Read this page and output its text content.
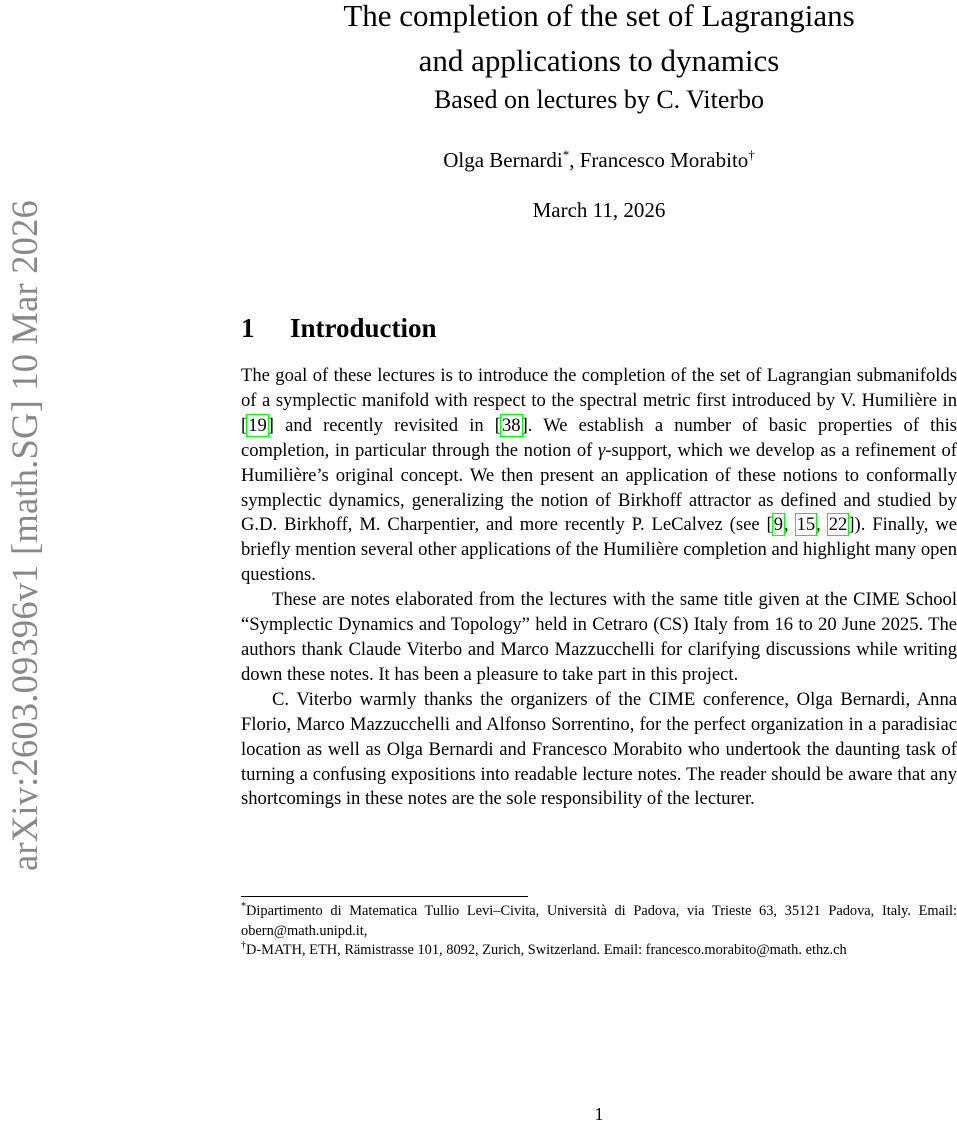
arXiv:2603.09396v1 [math.SG] 10 Mar 2026
The completion of the set of Lagrangians
and applications to dynamics
Based on lectures by C. Viterbo
Olga Bernardi*, Francesco Morabito†
March 11, 2026
1 Introduction

The goal of these lectures is to introduce the completion of the set of Lagrangian submanifolds of a symplectic manifold with respect to the spectral metric first introduced by V. Humilière in [19] and recently revisited in [38]. We establish a number of basic properties of this completion, in particular through the notion of γ-support, which we develop as a refinement of Humilière’s original concept. We then present an application of these notions to conformally symplectic dynamics, generalizing the notion of Birkhoff attractor as defined and studied by G.D. Birkhoff, M. Charpentier, and more recently P. LeCalvez (see [9, 15, 22]). Finally, we briefly mention several other applications of the Humilière completion and highlight many open questions.

These are notes elaborated from the lectures with the same title given at the CIME School “Symplectic Dynamics and Topology” held in Cetraro (CS) Italy from 16 to 20 June 2025. The authors thank Claude Viterbo and Marco Mazzucchelli for clarifying discussions while writing down these notes. It has been a pleasure to take part in this project.

C. Viterbo warmly thanks the organizers of the CIME conference, Olga Bernardi, Anna Florio, Marco Mazzucchelli and Alfonso Sorrentino, for the perfect organization in a paradisiac location as well as Olga Bernardi and Francesco Morabito who undertook the daunting task of turning a confusing expositions into readable lecture notes. The reader should be aware that any shortcomings in these notes are the sole responsibility of the lecturer.

*Dipartimento di Matematica Tullio Levi–Civita, Università di Padova, via Trieste 63, 35121 Padova, Italy. Email: obern@math.unipd.it,

†D-MATH, ETH, Rämistrasse 101, 8092, Zurich, Switzerland. Email: francesco.morabito@math. ethz.ch

1
